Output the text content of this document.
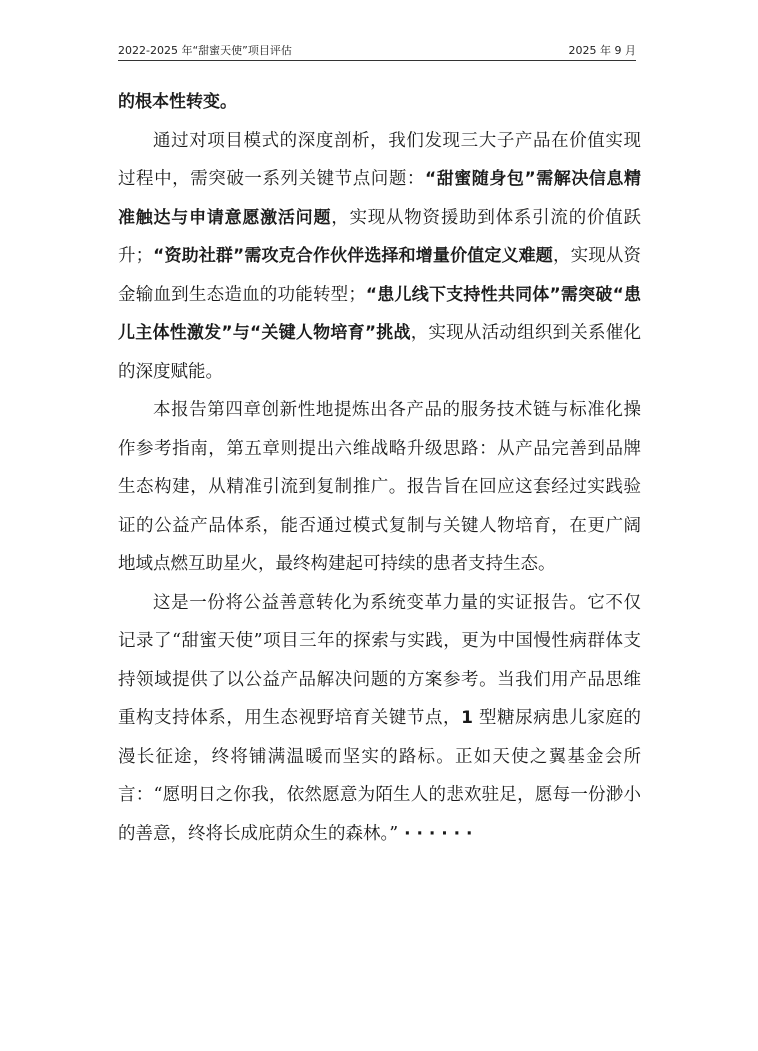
2022-2025 年“甜蜜天使”项目评估	2025 年 9 月

的根本性转变。

通过对项目模式的深度剖析，我们发现三大子产品在价值实现过程中，需突破一系列关键节点问题：“甜蜜随身包”需解决信息精准触达与申请意愿激活问题，实现从物资援助到体系引流的价值跃升；“资助社群”需攻克合作伙伴选择和增量价值定义难题，实现从资金输血到生态造血的功能转型；“患儿线下支持性共同体”需突破“患儿主体性激发”与“关键人物培育”挑战，实现从活动组织到关系催化的深度赋能。

本报告第四章创新性地提炼出各产品的服务技术链与标准化操作参考指南，第五章则提出六维战略升级思路：从产品完善到品牌生态构建，从精准引流到复制推广。报告旨在回应这套经过实践验证的公益产品体系，能否通过模式复制与关键人物培育，在更广阔地域点燃互助星火，最终构建起可持续的患者支持生态。

这是一份将公益善意转化为系统变革力量的实证报告。它不仅记录了“甜蜜天使”项目三年的探索与实践，更为中国慢性病群体支持领域提供了以公益产品解决问题的方案参考。当我们用产品思维重构支持体系，用生态视野培育关键节点，1 型糖尿病患儿家庭的漫长征途，终将铺满温暖而坚实的路标。正如天使之翼基金会所言：“愿明日之你我，依然愿意为陌生人的悲欢驻足，愿每一份渺小的善意，终将长成庇荫众生的森林。” · · · · · ·
